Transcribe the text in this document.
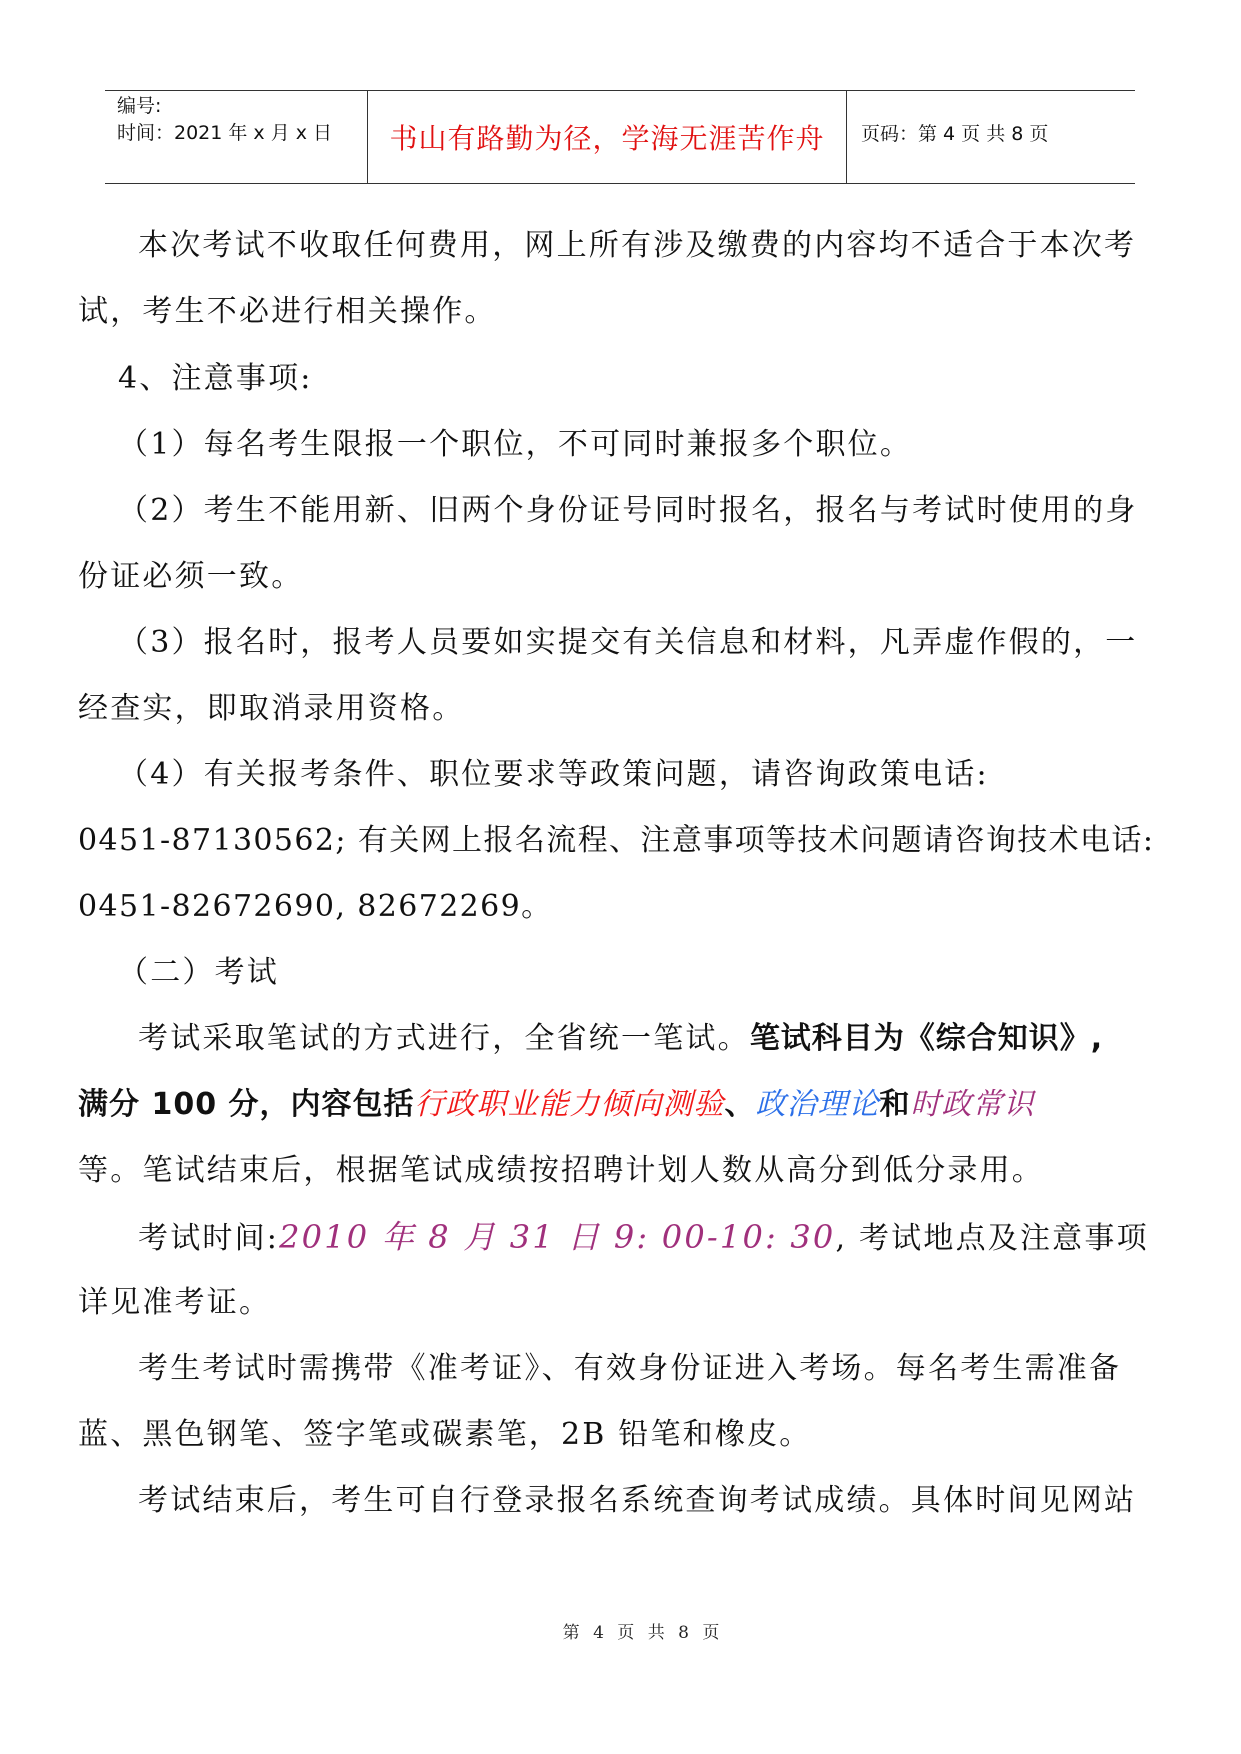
编号:
时间：2021 年 x 月 x 日	书山有路勤为径，学海无涯苦作舟	页码：第 4 页 共 8 页
本次考试不收取任何费用，网上所有涉及缴费的内容均不适合于本次考
试，考生不必进行相关操作。
4、注意事项:
（1）每名考生限报一个职位，不可同时兼报多个职位。
（2）考生不能用新、旧两个身份证号同时报名，报名与考试时使用的身
份证必须一致。
（3）报名时，报考人员要如实提交有关信息和材料，凡弄虚作假的，一
经查实，即取消录用资格。
（4）有关报考条件、职位要求等政策问题，请咨询政策电话:
0451-87130562; 有关网上报名流程、注意事项等技术问题请咨询技术电话:
0451-82672690, 82672269。
（二）考试
考试采取笔试的方式进行，全省统一笔试。笔试科目为《综合知识》,
满分 100 分，内容包括行政职业能力倾向测验、政治理论和时政常识
等。笔试结束后，根据笔试成绩按招聘计划人数从高分到低分录用。
考试时间:2010 年 8 月 31 日 9: 00-10: 30, 考试地点及注意事项
详见准考证。
考生考试时需携带《准考证》、有效身份证进入考场。每名考生需准备
蓝、黑色钢笔、签字笔或碳素笔，2B 铅笔和橡皮。
考试结束后，考生可自行登录报名系统查询考试成绩。具体时间见网站
第 4 页 共 8 页
